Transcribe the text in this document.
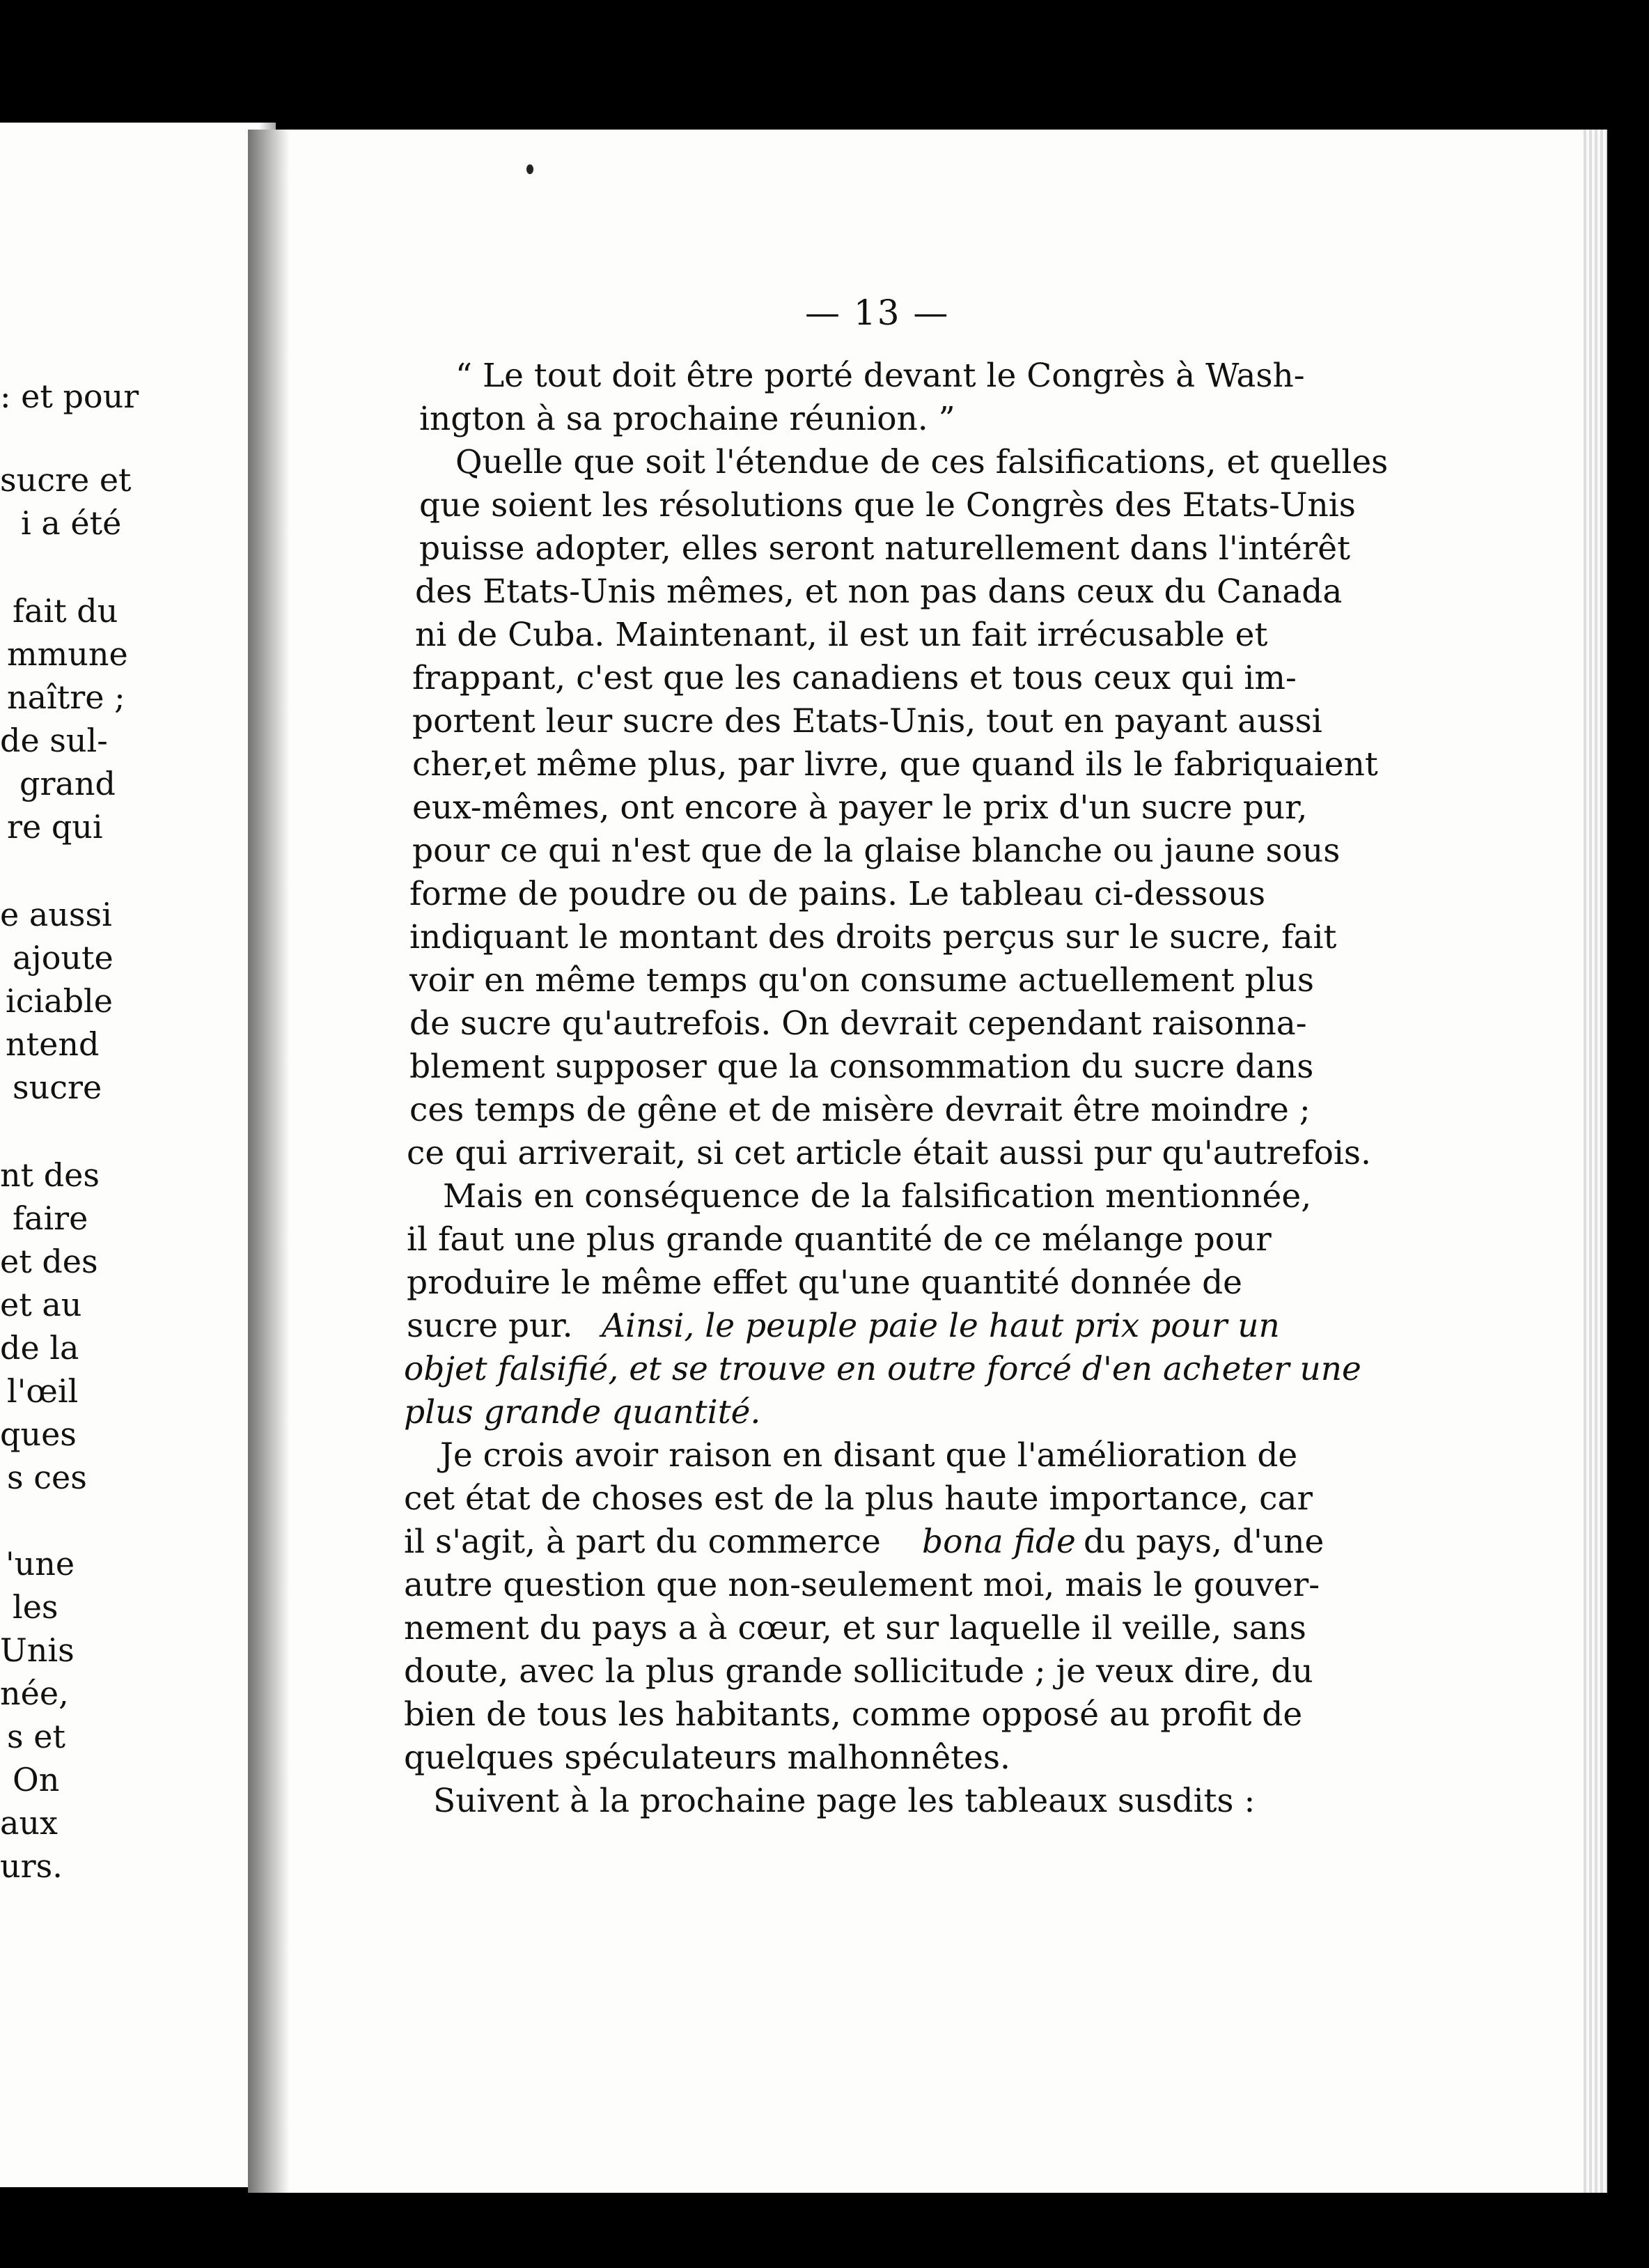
: et pour
sucre et
i a été
fait du
mmune
naître ;
de sul-
grand
re qui
e aussi
ajoute
iciable
ntend
sucre
nt des
faire
et des
et au
de la
l'œil
ques
s ces
'une
les
Unis
née,
s et
On
aux
urs.
— 13 —
“ Le tout doit être porté devant le Congrès à Wash-
ington à sa prochaine réunion. ”
Quelle que soit l'étendue de ces falsifications, et quelles
que soient les résolutions que le Congrès des Etats-Unis
puisse adopter, elles seront naturellement dans l'intérêt
des Etats-Unis mêmes, et non pas dans ceux du Canada
ni de Cuba. Maintenant, il est un fait irrécusable et
frappant, c'est que les canadiens et tous ceux qui im-
portent leur sucre des Etats-Unis, tout en payant aussi
cher,et même plus, par livre, que quand ils le fabriquaient
eux-mêmes, ont encore à payer le prix d'un sucre pur,
pour ce qui n'est que de la glaise blanche ou jaune sous
forme de poudre ou de pains. Le tableau ci-dessous
indiquant le montant des droits perçus sur le sucre, fait
voir en même temps qu'on consume actuellement plus
de sucre qu'autrefois. On devrait cependant raisonna-
blement supposer que la consommation du sucre dans
ces temps de gêne et de misère devrait être moindre ;
ce qui arriverait, si cet article était aussi pur qu'autrefois.
Mais en conséquence de la falsification mentionnée,
il faut une plus grande quantité de ce mélange pour
produire le même effet qu'une quantité donnée de
sucre pur. Ainsi, le peuple paie le haut prix pour un
objet falsifié, et se trouve en outre forcé d'en acheter une
plus grande quantité.
Je crois avoir raison en disant que l'amélioration de
cet état de choses est de la plus haute importance, car
il s'agit, à part du commerce bona fide du pays, d'une
autre question que non-seulement moi, mais le gouver-
nement du pays a à cœur, et sur laquelle il veille, sans
doute, avec la plus grande sollicitude ; je veux dire, du
bien de tous les habitants, comme opposé au profit de
quelques spéculateurs malhonnêtes.
Suivent à la prochaine page les tableaux susdits :
